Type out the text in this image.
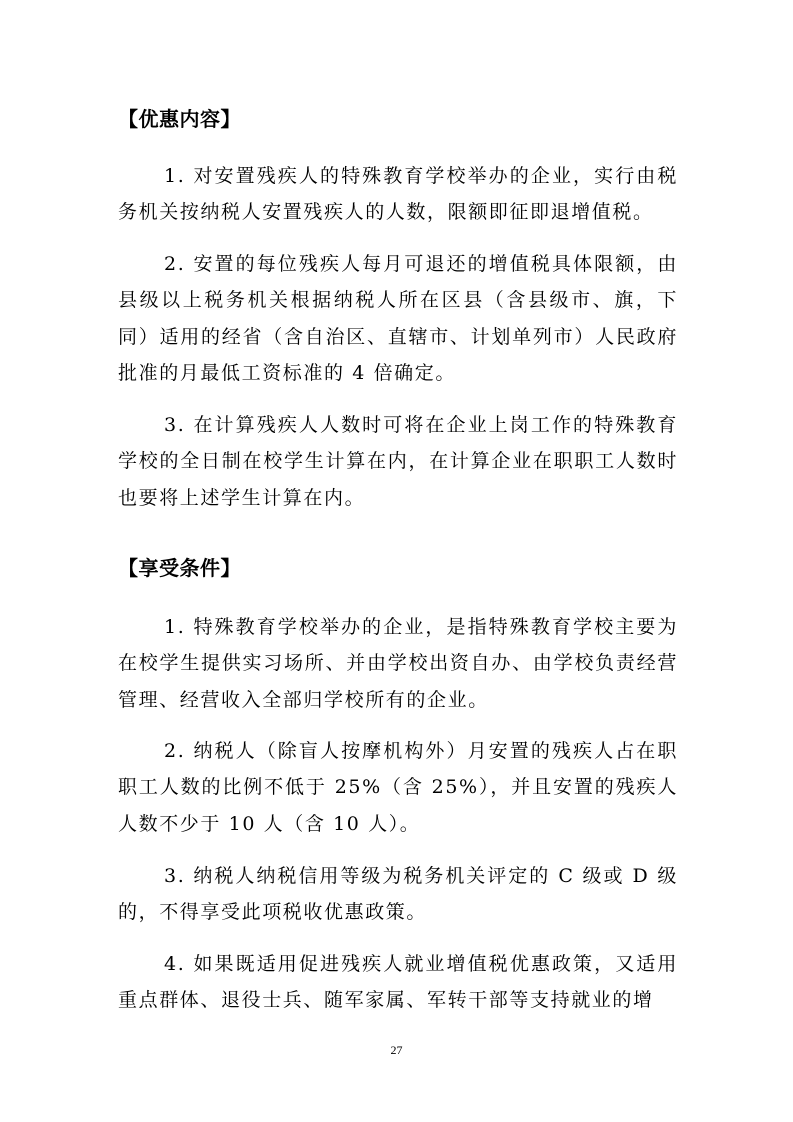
【优惠内容】

1. 对安置残疾人的特殊教育学校举办的企业，实行由税务机关按纳税人安置残疾人的人数，限额即征即退增值税。

2. 安置的每位残疾人每月可退还的增值税具体限额，由县级以上税务机关根据纳税人所在区县（含县级市、旗，下同）适用的经省（含自治区、直辖市、计划单列市）人民政府批准的月最低工资标准的 4 倍确定。

3. 在计算残疾人人数时可将在企业上岗工作的特殊教育学校的全日制在校学生计算在内，在计算企业在职职工人数时也要将上述学生计算在内。

【享受条件】

1. 特殊教育学校举办的企业，是指特殊教育学校主要为在校学生提供实习场所、并由学校出资自办、由学校负责经营管理、经营收入全部归学校所有的企业。

2. 纳税人（除盲人按摩机构外）月安置的残疾人占在职职工人数的比例不低于 25%（含 25%），并且安置的残疾人人数不少于 10 人（含 10 人）。

3. 纳税人纳税信用等级为税务机关评定的 C 级或 D 级的，不得享受此项税收优惠政策。

4. 如果既适用促进残疾人就业增值税优惠政策，又适用重点群体、退役士兵、随军家属、军转干部等支持就业的增

27
